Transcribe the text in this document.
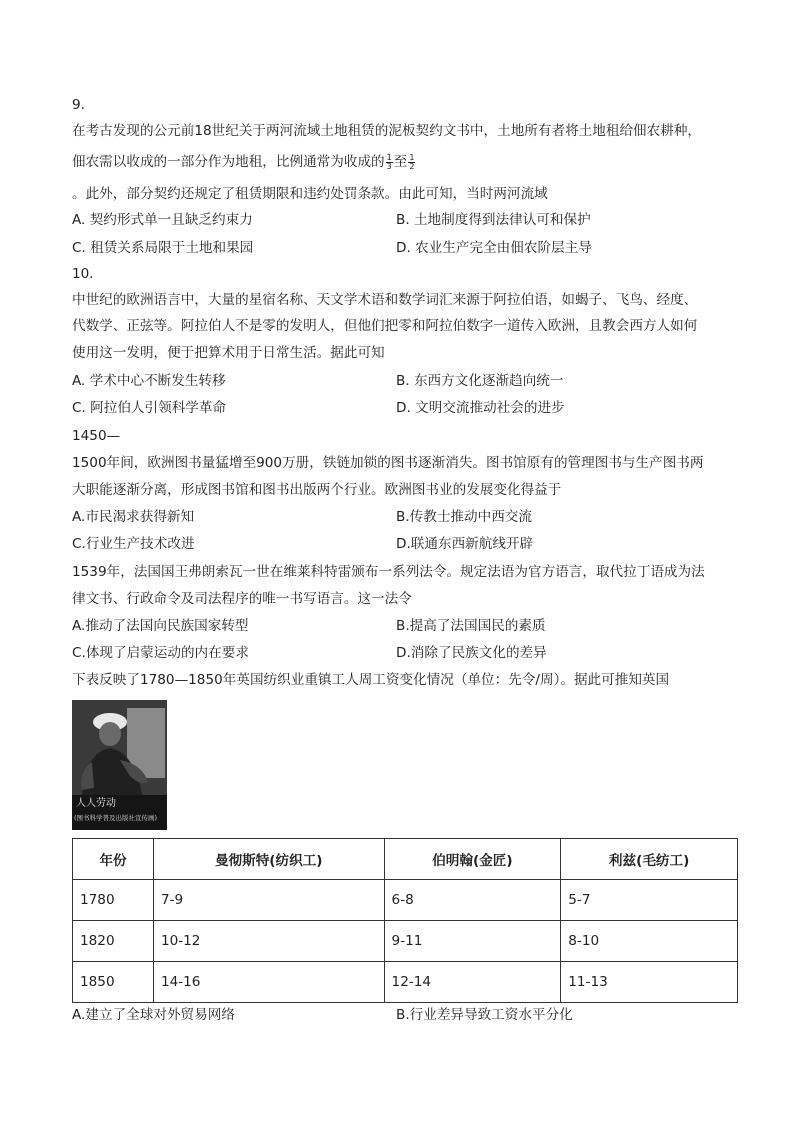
9.
在考古发现的公元前18世纪关于两河流域土地租赁的泥板契约文书中，土地所有者将土地租给佃农耕种，
佃农需以收成的一部分作为地租，比例通常为收成的 $\frac{1}{3}$ 至 $\frac{1}{2}$
。此外，部分契约还规定了租赁期限和违约处罚条款。由此可知，当时两河流域
A. 契约形式单一且缺乏约束力	B. 土地制度得到法律认可和保护
C. 租赁关系局限于土地和果园	D. 农业生产完全由佃农阶层主导
10.
中世纪的欧洲语言中，大量的星宿名称、天文学术语和数学词汇来源于阿拉伯语，如蝎子、飞鸟、经度、
代数学、正弦等。阿拉伯人不是零的发明人，但他们把零和阿拉伯数字一道传入欧洲，且教会西方人如何
使用这一发明，便于把算术用于日常生活。据此可知
A. 学术中心不断发生转移	B. 东西方文化逐渐趋向统一
C. 阿拉伯人引领科学革命	D. 文明交流推动社会的进步
1450—
1500年间，欧洲图书量猛增至900万册，铁链加锁的图书逐渐消失。图书馆原有的管理图书与生产图书两
大职能逐渐分离，形成图书馆和图书出版两个行业。欧洲图书业的发展变化得益于
A.市民渴求获得新知	B.传教士推动中西交流
C.行业生产技术改进	D.联通东西新航线开辟
1539年，法国国王弗朗索瓦一世在维莱科特雷颁布一系列法令。规定法语为官方语言，取代拉丁语成为法
律文书、行政命令及司法程序的唯一书写语言。这一法令
A.推动了法国向民族国家转型	B.提高了法国国民的素质
C.体现了启蒙运动的内在要求	D.消除了民族文化的差异
下表反映了1780—1850年英国纺织业重镇工人周工资变化情况（单位：先令/周）。据此可推知英国
人人劳动
(图书科学普及出版社宣传画)
年份	曼彻斯特(纺织工)	伯明翰(金匠)	利兹(毛纺工)
1780	7-9	6-8	5-7
1820	10-12	9-11	8-10
1850	14-16	12-14	11-13
A.建立了全球对外贸易网络	B.行业差异导致工资水平分化
